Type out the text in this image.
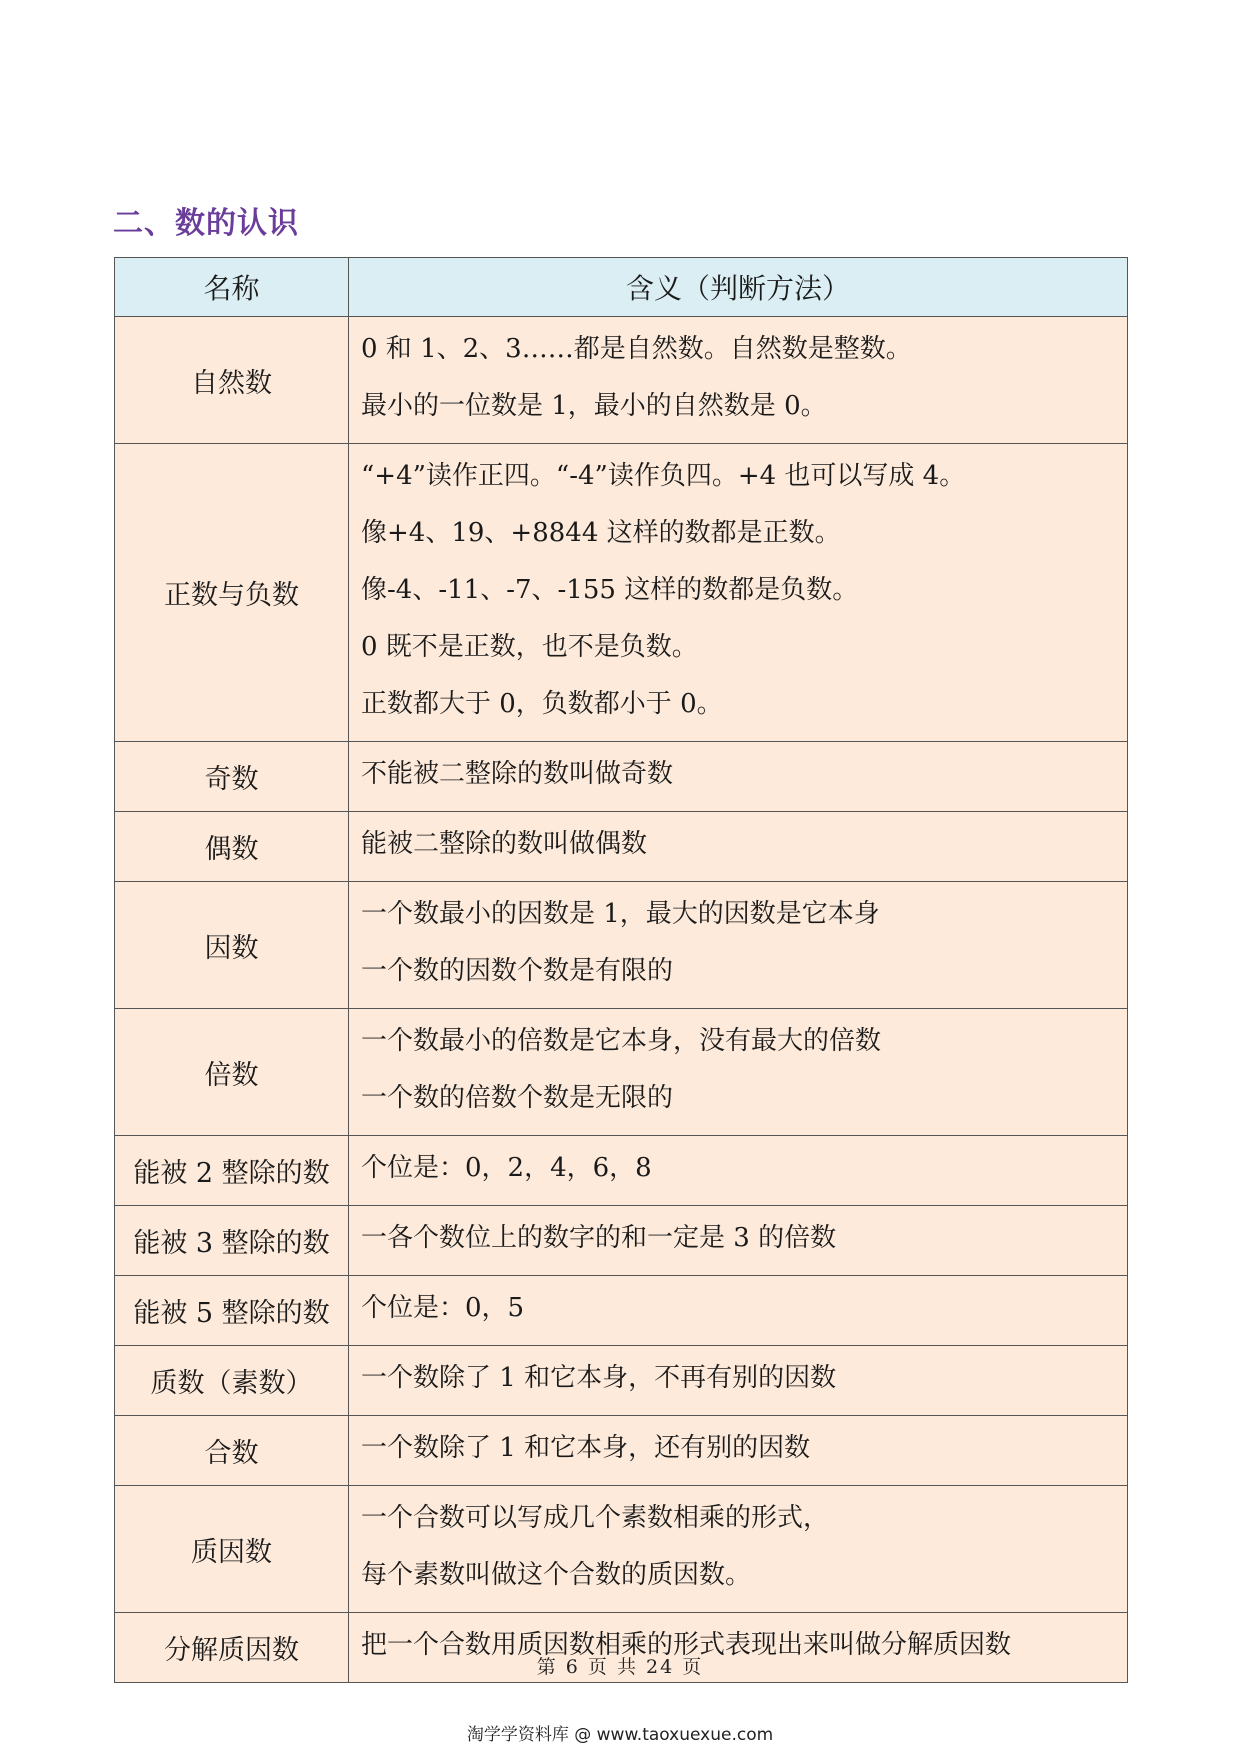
二、数的认识
名称	含义（判断方法）
自然数	0 和 1、2、3……都是自然数。自然数是整数。
最小的一位数是 1，最小的自然数是 0。

正数与负数	“+4”读作正四。“-4”读作负四。+4 也可以写成 4。
像+4、19、+8844 这样的数都是正数。
像-4、-11、-7、-155 这样的数都是负数。
0 既不是正数，也不是负数。
正数都大于 0，负数都小于 0。

奇数	不能被二整除的数叫做奇数

偶数	能被二整除的数叫做偶数

因数	一个数最小的因数是 1，最大的因数是它本身
一个数的因数个数是有限的

倍数	一个数最小的倍数是它本身，没有最大的倍数
一个数的倍数个数是无限的

能被 2 整除的数	个位是：0，2，4，6，8

能被 3 整除的数	一各个数位上的数字的和一定是 3 的倍数

能被 5 整除的数	个位是：0，5

质数（素数）	一个数除了 1 和它本身，不再有别的因数

合数	一个数除了 1 和它本身，还有别的因数

质因数	一个合数可以写成几个素数相乘的形式，
每个素数叫做这个合数的质因数。

分解质因数	把一个合数用质因数相乘的形式表现出来叫做分解质因数
第 6 页 共 24 页
淘学学资料库 @ www.taoxuexue.com
